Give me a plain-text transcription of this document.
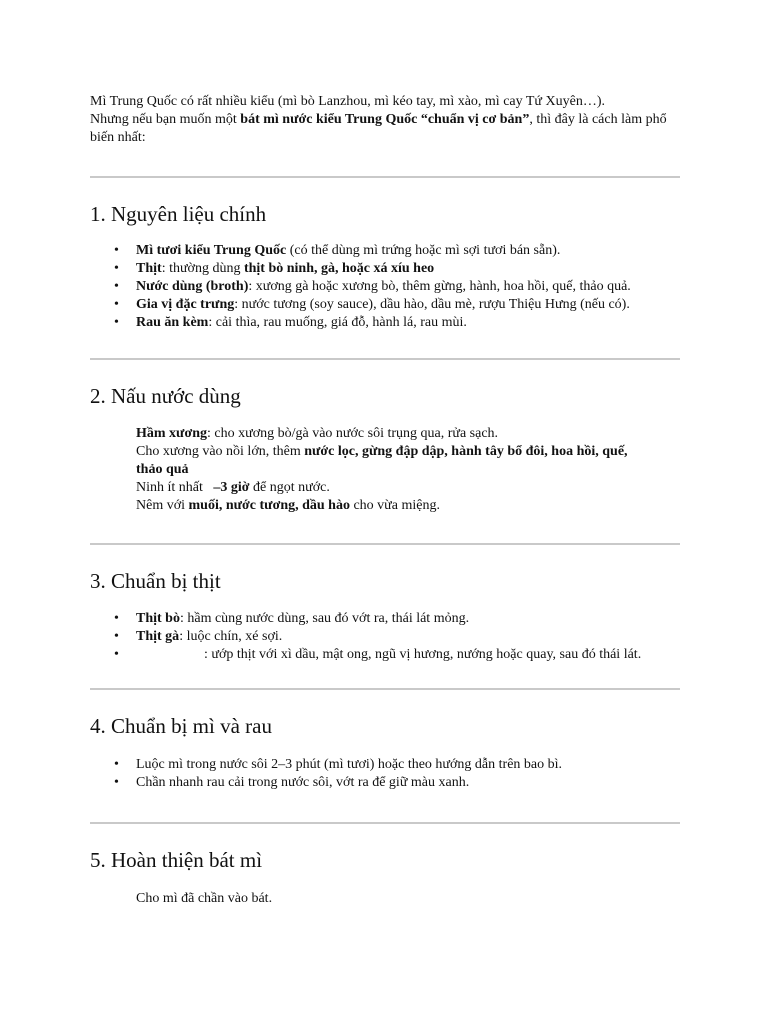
Mì Trung Quốc có rất nhiều kiểu (mì bò Lanzhou, mì kéo tay, mì xào, mì cay Tứ Xuyên…).

Nhưng nếu bạn muốn một bát mì nước kiểu Trung Quốc “chuẩn vị cơ bản”, thì đây là cách làm phổ biến nhất:

1. Nguyên liệu chính
• Mì tươi kiểu Trung Quốc (có thể dùng mì trứng hoặc mì sợi tươi bán sẵn).
• Thịt: thường dùng thịt bò ninh, gà, hoặc xá xíu heo
• Nước dùng (broth): xương gà hoặc xương bò, thêm gừng, hành, hoa hồi, quế, thảo quả.
• Gia vị đặc trưng: nước tương (soy sauce), dầu hào, dầu mè, rượu Thiệu Hưng (nếu có).
• Rau ăn kèm: cải thìa, rau muống, giá đỗ, hành lá, rau mùi.
2. Nấu nước dùng

Hầm xương: cho xương bò/gà vào nước sôi trụng qua, rửa sạch.

Cho xương vào nồi lớn, thêm nước lọc, gừng đập dập, hành tây bổ đôi, hoa hồi, quế,
thảo quả

Ninh ít nhất   –3 giờ để ngọt nước.

Nêm với muối, nước tương, dầu hào cho vừa miệng.

3. Chuẩn bị thịt
• Thịt bò: hầm cùng nước dùng, sau đó vớt ra, thái lát mỏng.
• Thịt gà: luộc chín, xé sợi.
•	: ướp thịt với xì dầu, mật ong, ngũ vị hương, nướng hoặc quay, sau đó thái lát.
4. Chuẩn bị mì và rau
• Luộc mì trong nước sôi 2–3 phút (mì tươi) hoặc theo hướng dẫn trên bao bì.
• Chần nhanh rau cải trong nước sôi, vớt ra để giữ màu xanh.
5. Hoàn thiện bát mì

Cho mì đã chần vào bát.
